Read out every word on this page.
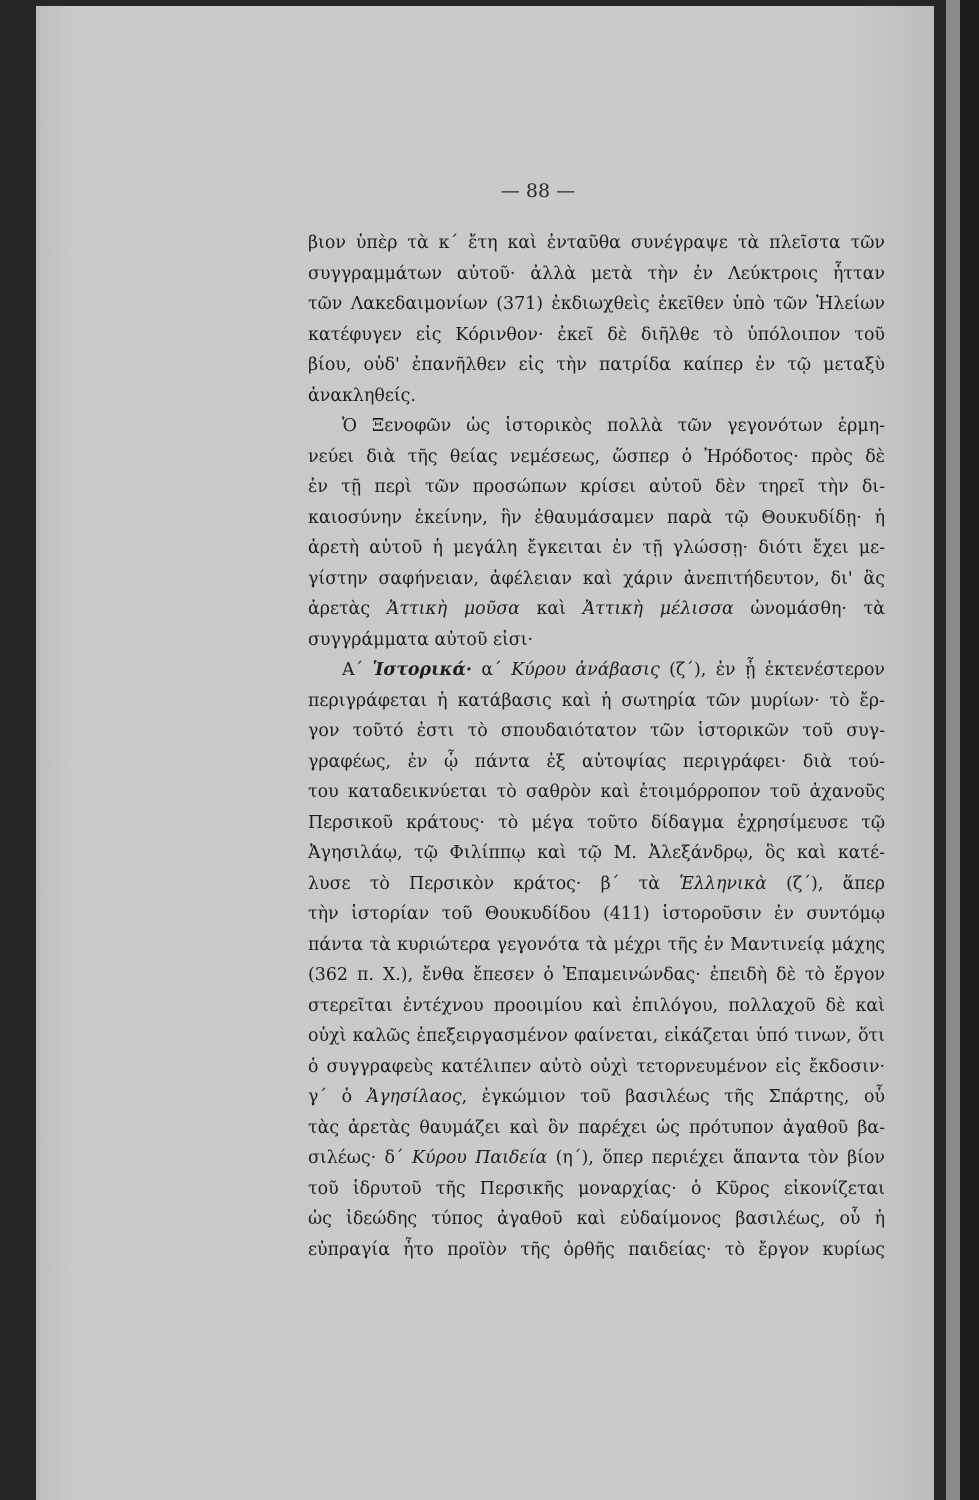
— 88 —
βιον ὑπὲρ τὰ κ΄ ἔτη καὶ ἐνταῦθα συνέγραψε τὰ πλεῖστα τῶν
συγγραμμάτων αὐτοῦ· ἀλλὰ μετὰ τὴν ἐν Λεύκτροις ἧτταν
τῶν Λακεδαιμονίων (371) ἐκδιωχθεὶς ἐκεῖθεν ὑπὸ τῶν Ἠλείων
κατέφυγεν εἰς Κόρινθον· ἐκεῖ δὲ διῆλθε τὸ ὑπόλοιπον τοῦ
βίου, οὐδ' ἐπανῆλθεν εἰς τὴν πατρίδα καίπερ ἐν τῷ μεταξὺ
ἀνακληθείς.
Ὁ Ξενοφῶν ὡς ἱστορικὸς πολλὰ τῶν γεγονότων ἑρμη-
νεύει διὰ τῆς θείας νεμέσεως, ὥσπερ ὁ Ἡρόδοτος· πρὸς δὲ
ἐν τῇ περὶ τῶν προσώπων κρίσει αὐτοῦ δὲν τηρεῖ τὴν δι-
καιοσύνην ἐκείνην, ἣν ἐθαυμάσαμεν παρὰ τῷ Θουκυδίδῃ· ἡ
ἀρετὴ αὐτοῦ ἡ μεγάλη ἔγκειται ἐν τῇ γλώσσῃ· διότι ἔχει με-
γίστην σαφήνειαν, ἀφέλειαν καὶ χάριν ἀνεπιτήδευτον, δι' ἃς
ἀρετὰς Ἀττικὴ μοῦσα καὶ Ἀττικὴ μέλισσα ὠνομάσθη· τὰ
συγγράμματα αὐτοῦ εἰσι·
Α΄ Ἱστορικά· α΄ Κύρου ἀνάβασις (ζ΄), ἐν ᾗ ἐκτενέστερον
περιγράφεται ἡ κατάβασις καὶ ἡ σωτηρία τῶν μυρίων· τὸ ἔρ-
γον τοῦτό ἐστι τὸ σπουδαιότατον τῶν ἱστορικῶν τοῦ συγ-
γραφέως, ἐν ᾧ πάντα ἐξ αὐτοψίας περιγράφει· διὰ τού-
του καταδεικνύεται τὸ σαθρὸν καὶ ἑτοιμόρροπον τοῦ ἀχανοῦς
Περσικοῦ κράτους· τὸ μέγα τοῦτο δίδαγμα ἐχρησίμευσε τῷ
Ἀγησιλάῳ, τῷ Φιλίππῳ καὶ τῷ Μ. Ἀλεξάνδρῳ, ὃς καὶ κατέ-
λυσε τὸ Περσικὸν κράτος· β΄ τὰ Ἑλληνικὰ (ζ΄), ἅπερ
τὴν ἱστορίαν τοῦ Θουκυδίδου (411) ἱστοροῦσιν ἐν συντόμῳ
πάντα τὰ κυριώτερα γεγονότα τὰ μέχρι τῆς ἐν Μαντινείᾳ μάχης
(362 π. Χ.), ἔνθα ἔπεσεν ὁ Ἐπαμεινώνδας· ἐπειδὴ δὲ τὸ ἔργον
στερεῖται ἐντέχνου προοιμίου καὶ ἐπιλόγου, πολλαχοῦ δὲ καὶ
οὐχὶ καλῶς ἐπεξειργασμένον φαίνεται, εἰκάζεται ὑπό τινων, ὅτι
ὁ συγγραφεὺς κατέλιπεν αὐτὸ οὐχὶ τετορνευμένον εἰς ἔκδοσιν·
γ΄ ὁ Ἀγησίλαος, ἐγκώμιον τοῦ βασιλέως τῆς Σπάρτης, οὗ
τὰς ἀρετὰς θαυμάζει καὶ ὃν παρέχει ὡς πρότυπον ἀγαθοῦ βα-
σιλέως· δ΄ Κύρου Παιδεία (η΄), ὅπερ περιέχει ἅπαντα τὸν βίον
τοῦ ἱδρυτοῦ τῆς Περσικῆς μοναρχίας· ὁ Κῦρος εἰκονίζεται
ὡς ἰδεώδης τύπος ἀγαθοῦ καὶ εὐδαίμονος βασιλέως, οὗ ἡ
εὐπραγία ἦτο προϊὸν τῆς ὀρθῆς παιδείας· τὸ ἔργον κυρίως
